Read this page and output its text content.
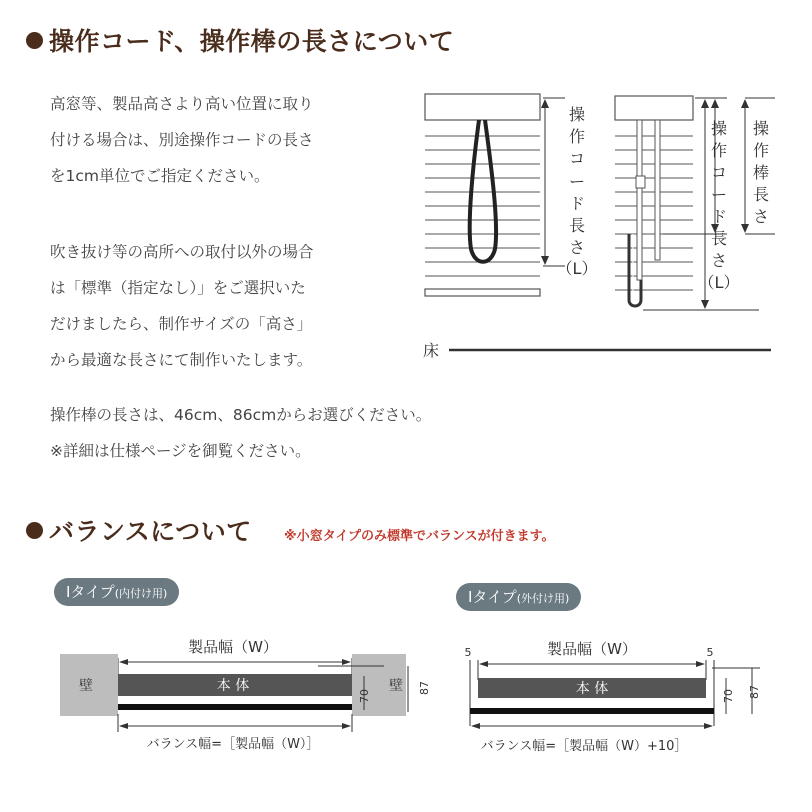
操作コード、操作棒の長さについて
高窓等、製品高さより高い位置に取り
付ける場合は、別途操作コードの長さ
を1cm単位でご指定ください。
吹き抜け等の高所への取付以外の場合
は「標準（指定なし）」をご選択いた
だけましたら、制作サイズの「高さ」
から最適な長さにて制作いたします。
操作棒の長さは、46cm、86cmからお選びください。
※詳細は仕様ページを御覧ください。
操
作
コ
ー
ド
長
さ
（L）
操
作
コ
ー
ド
長
さ
（L）
操
作
棒
長
さ
床
バランスについて ※小窓タイプのみ標準でバランスが付きます。
Iタイプ(内付け用)	Iタイプ(外付け用)
製品幅（W）
壁	壁
本 体
70
87
バランス幅=［製品幅（W）］
5	5
製品幅（W）
本 体	70 87
バランス幅=［製品幅（W）+10］
